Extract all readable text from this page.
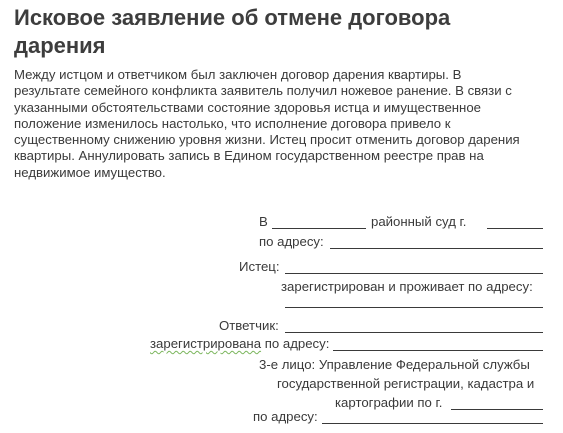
Исковое заявление об отмене договора
дарения
Между истцом и ответчиком был заключен договор дарения квартиры. В
результате семейного конфликта заявитель получил ножевое ранение. В связи с
указанными обстоятельствами состояние здоровья истца и имущественное
положение изменилось настолько, что исполнение договора привело к
существенному снижению уровня жизни. Истец просит отменить договор дарения
квартиры. Аннулировать запись в Едином государственном реестре прав на
недвижимое имущество.
В	районный суд г.
по адресу:
Истец:
зарегистрирован и проживает по адресу:
Ответчик:
зарегистрирована по адресу:
3-е лицо: Управление Федеральной службы
государственной регистрации, кадастра и
картографии по г.
по адресу:
